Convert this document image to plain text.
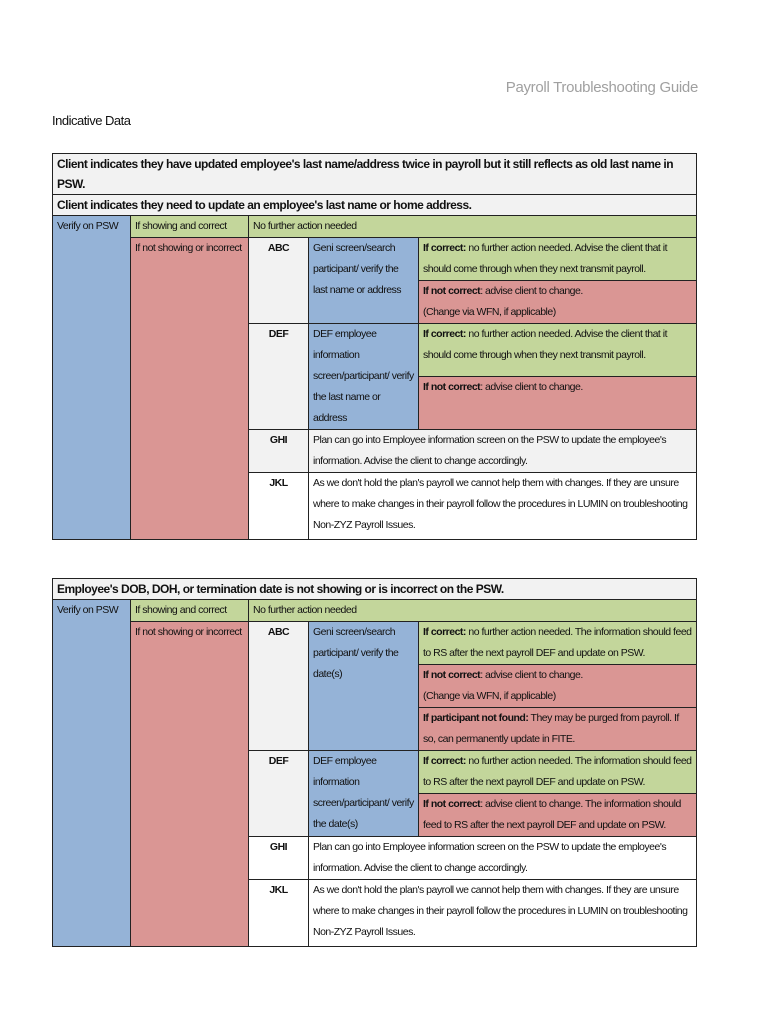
Payroll Troubleshooting Guide
Indicative Data
Client indicates they have updated employee's last name/address twice in payroll but it still reflects as old last name in PSW.				
Client indicates they need to update an employee's last name or home address.				
Verify on PSW	If showing and correct	No further action needed		
	If not showing or incorrect	ABC	Geni screen/search participant/ verify the last name or address	If correct: no further action needed. Advise the client that it should come through when they next transmit payroll.
				If not correct: advise client to change.
(Change via WFN, if applicable)

		DEF	DEF employee information screen/participant/ verify the last name or address	If correct: no further action needed. Advise the client that it should come through when they next transmit payroll.
				If not correct: advise client to change.
		GHI	Plan can go into Employee information screen on the PSW to update the employee's information. Advise the client to change accordingly.	
		JKL	As we don't hold the plan's payroll we cannot help them with changes. If they are unsure where to make changes in their payroll follow the procedures in LUMIN on troubleshooting Non-ZYZ Payroll Issues.	
Employee's DOB, DOH, or termination date is not showing or is incorrect on the PSW.				
Verify on PSW	If showing and correct	No further action needed		
	If not showing or incorrect	ABC	Geni screen/search participant/ verify the date(s)	If correct: no further action needed. The information should feed to RS after the next payroll DEF and update on PSW.
				If not correct: advise client to change.
(Change via WFN, if applicable)

				If participant not found: They may be purged from payroll. If so, can permanently update in FITE.
		DEF	DEF employee information screen/participant/ verify the date(s)	If correct: no further action needed. The information should feed to RS after the next payroll DEF and update on PSW.
				If not correct: advise client to change. The information should feed to RS after the next payroll DEF and update on PSW.
		GHI	Plan can go into Employee information screen on the PSW to update the employee's information. Advise the client to change accordingly.	
		JKL	As we don't hold the plan's payroll we cannot help them with changes. If they are unsure where to make changes in their payroll follow the procedures in LUMIN on troubleshooting Non-ZYZ Payroll Issues.	
